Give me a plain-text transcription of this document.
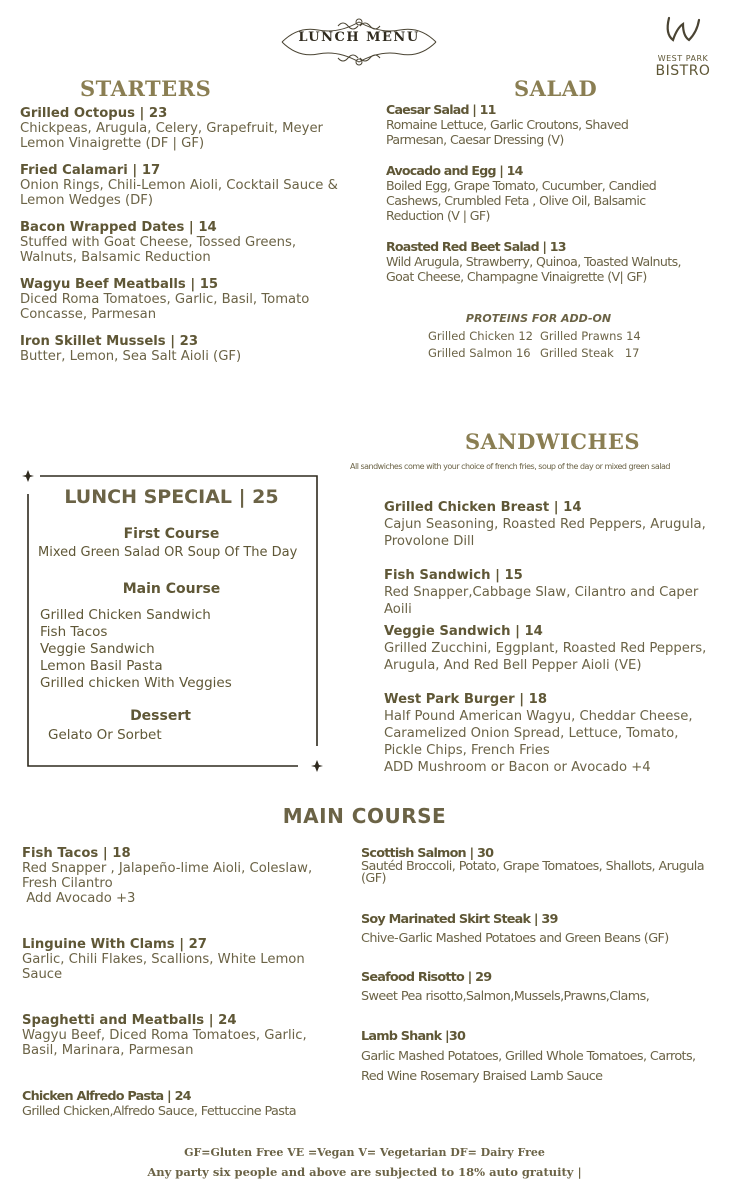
LUNCH MENU
WEST PARK
BISTRO
STARTERS
Grilled Octopus | 23
Chickpeas, Arugula, Celery, Grapefruit, Meyer Lemon Vinaigrette (DF | GF)
Fried Calamari | 17
Onion Rings, Chili-Lemon Aioli, Cocktail Sauce & Lemon Wedges (DF)
Bacon Wrapped Dates | 14
Stuffed with Goat Cheese, Tossed Greens, Walnuts, Balsamic Reduction
Wagyu Beef Meatballs | 15
Diced Roma Tomatoes, Garlic, Basil, Tomato Concasse, Parmesan
Iron Skillet Mussels | 23
Butter, Lemon, Sea Salt Aioli (GF)
SALAD
Caesar Salad | 11
Romaine Lettuce, Garlic Croutons, Shaved Parmesan, Caesar Dressing (V)
Avocado and Egg | 14
Boiled Egg, Grape Tomato, Cucumber, Candied Cashews, Crumbled Feta , Olive Oil, Balsamic Reduction (V | GF)
Roasted Red Beet Salad | 13
Wild Arugula, Strawberry, Quinoa, Toasted Walnuts, Goat Cheese, Champagne Vinaigrette (V| GF)
PROTEINS FOR ADD-ON
Grilled Chicken 12 Grilled Prawns 14
Grilled Salmon 16 Grilled Steak   17
SANDWICHES
All sandwiches come with your choice of french fries, soup of the day or mixed green salad
Grilled Chicken Breast | 14
Cajun Seasoning, Roasted Red Peppers, Arugula, Provolone Dill
Fish Sandwich | 15
Red Snapper,Cabbage Slaw, Cilantro and Caper Aoili
Veggie Sandwich | 14
Grilled Zucchini, Eggplant, Roasted Red Peppers, Arugula, And Red Bell Pepper Aioli (VE)
West Park Burger | 18
Half Pound American Wagyu, Cheddar Cheese, Caramelized Onion Spread, Lettuce, Tomato, Pickle Chips, French Fries
ADD Mushroom or Bacon or Avocado +4
LUNCH SPECIAL | 25
First Course
Mixed Green Salad OR Soup Of The Day
Main Course
Grilled Chicken Sandwich
Fish Tacos
Veggie Sandwich
Lemon Basil Pasta
Grilled chicken With Veggies
Dessert
Gelato Or Sorbet
MAIN COURSE
Fish Tacos | 18
Red Snapper , Jalapeño-lime Aioli, Coleslaw, Fresh Cilantro
Add Avocado +3
Linguine With Clams | 27
Garlic, Chili Flakes, Scallions, White Lemon Sauce
Spaghetti and Meatballs | 24
Wagyu Beef, Diced Roma Tomatoes, Garlic, Basil, Marinara, Parmesan
Chicken Alfredo Pasta | 24
Grilled Chicken,Alfredo Sauce, Fettuccine Pasta
Scottish Salmon | 30
Sautéd Broccoli, Potato, Grape Tomatoes, Shallots, Arugula (GF)
Soy Marinated Skirt Steak | 39
Chive-Garlic Mashed Potatoes and Green Beans (GF)
Seafood Risotto | 29
Sweet Pea risotto,Salmon,Mussels,Prawns,Clams,
Lamb Shank |30
Garlic Mashed Potatoes, Grilled Whole Tomatoes, Carrots, Red Wine Rosemary Braised Lamb Sauce
GF=Gluten Free VE =Vegan V= Vegetarian DF= Dairy Free
Any party six people and above are subjected to 18% auto gratuity |
